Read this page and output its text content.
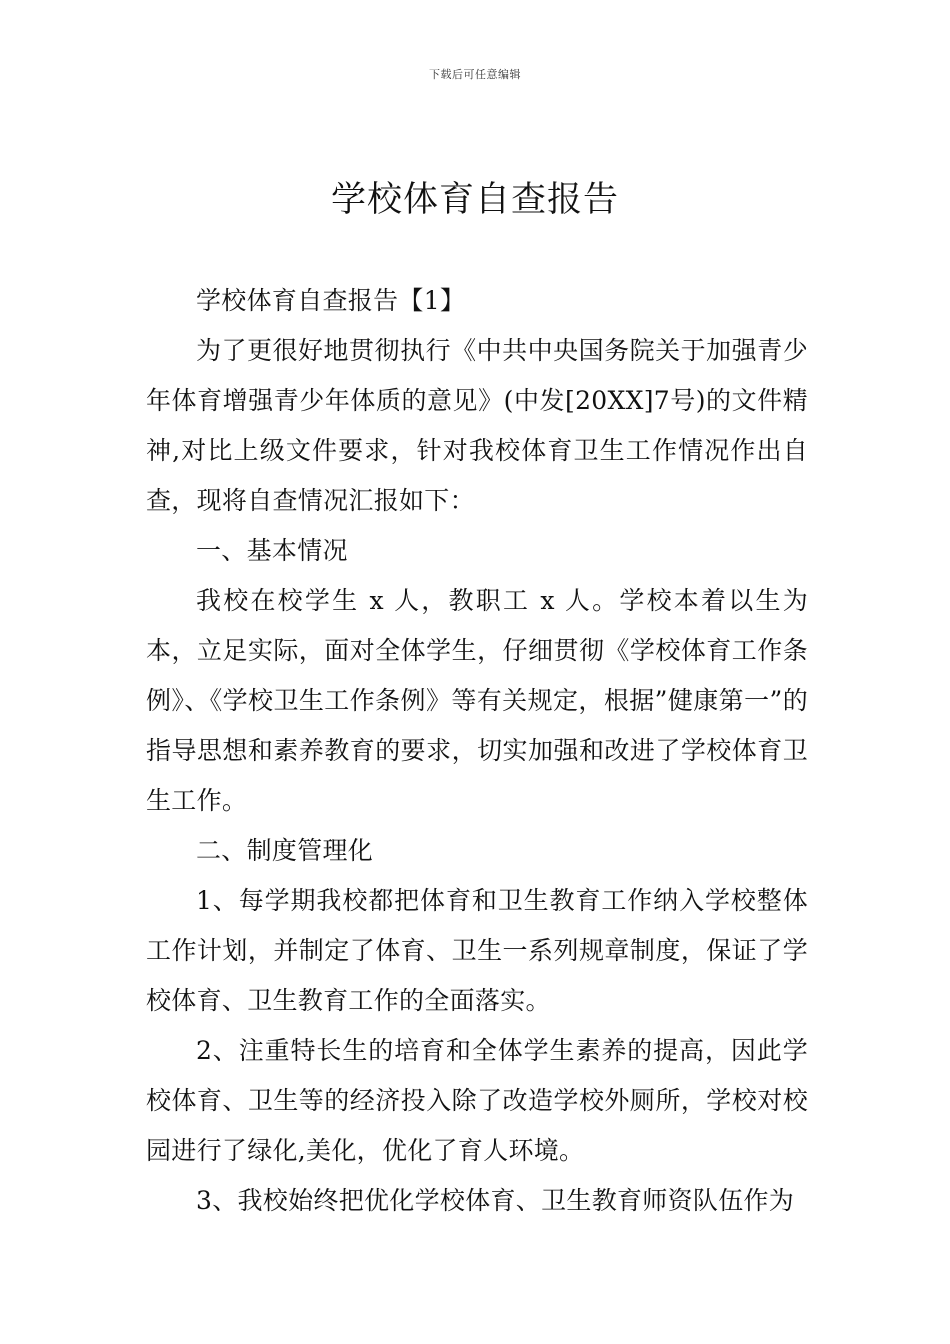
下载后可任意编辑
学校体育自查报告

学校体育自查报告【1】

为了更很好地贯彻执行《中共中央国务院关于加强青少年体育增强青少年体质的意见》(中发[20XX]7号)的文件精神,对比上级文件要求，针对我校体育卫生工作情况作出自查，现将自查情况汇报如下：

一、基本情况

我校在校学生 x 人，教职工 x 人。学校本着以生为本，立足实际，面对全体学生，仔细贯彻《学校体育工作条例》、《学校卫生工作条例》等有关规定，根据”健康第一”的指导思想和素养教育的要求，切实加强和改进了学校体育卫生工作。

二、制度管理化

1、每学期我校都把体育和卫生教育工作纳入学校整体工作计划，并制定了体育、卫生一系列规章制度，保证了学校体育、卫生教育工作的全面落实。

2、注重特长生的培育和全体学生素养的提高，因此学校体育、卫生等的经济投入除了改造学校外厕所，学校对校园进行了绿化,美化，优化了育人环境。

3、我校始终把优化学校体育、卫生教育师资队伍作为
